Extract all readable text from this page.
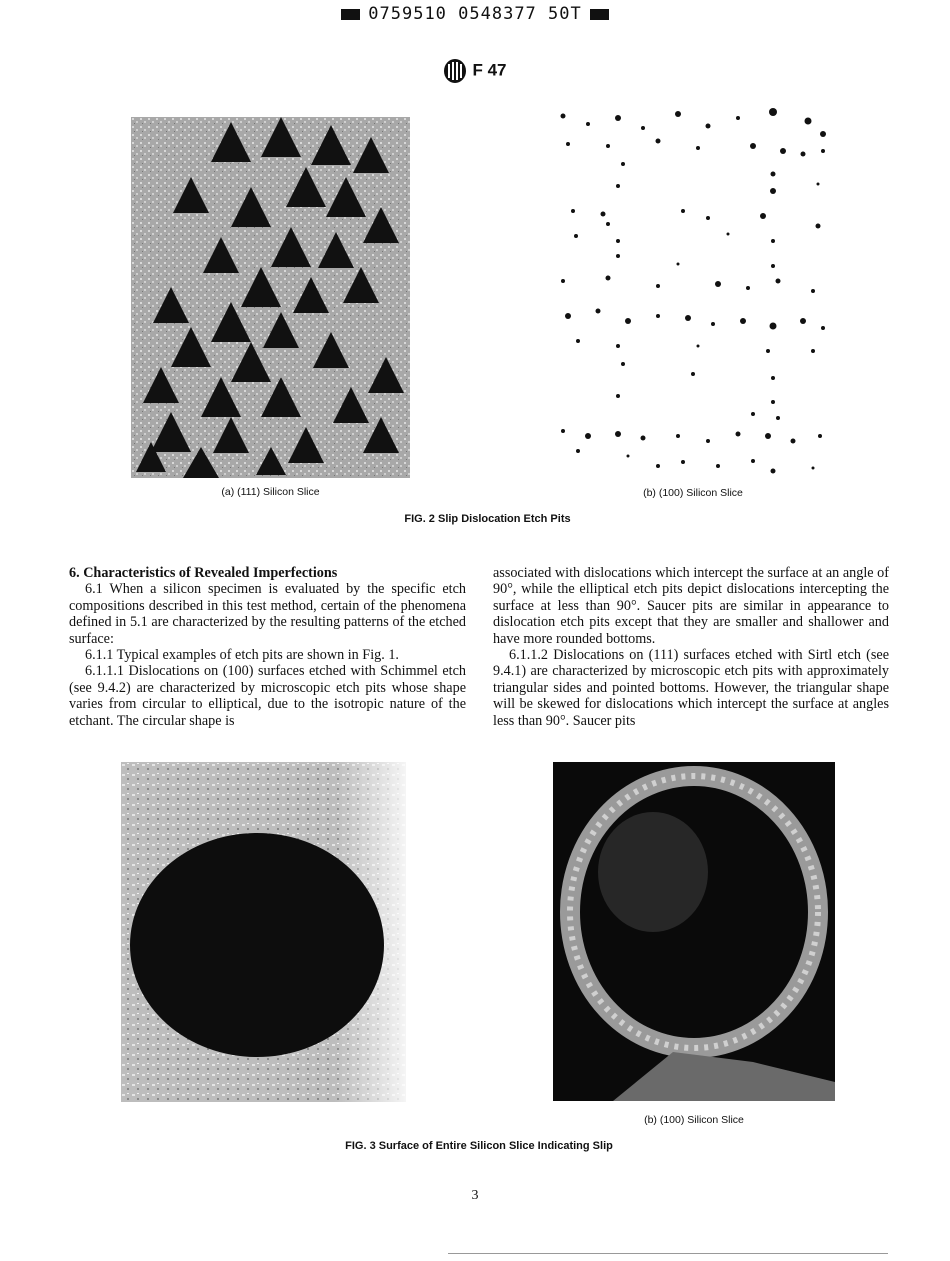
0759510 0548377 50T
F 47
(a) (111) Silicon Slice	(b) (100) Silicon Slice
FIG. 2 Slip Dislocation Etch Pits

6. Characteristics of Revealed Imperfections

6.1 When a silicon specimen is evaluated by the specific etch compositions described in this test method, certain of the phenomena defined in 5.1 are characterized by the resulting patterns of the etched surface:

6.1.1 Typical examples of etch pits are shown in Fig. 1.

6.1.1.1 Dislocations on (100) surfaces etched with Schimmel etch (see 9.4.2) are characterized by microscopic etch pits whose shape varies from circular to elliptical, due to the isotropic nature of the etchant. The circular shape is

associated with dislocations which intercept the surface at an angle of 90°, while the elliptical etch pits depict dislocations intercepting the surface at less than 90°. Saucer pits are similar in appearance to dislocation etch pits except that they are smaller and shallower and have more rounded bottoms.

6.1.1.2 Dislocations on (111) surfaces etched with Sirtl etch (see 9.4.1) are characterized by microscopic etch pits with approximately triangular sides and pointed bottoms. However, the triangular shape will be skewed for dislocations which intercept the surface at angles less than 90°. Saucer pits

(b) (100) Silicon Slice
FIG. 3 Surface of Entire Silicon Slice Indicating Slip
3
